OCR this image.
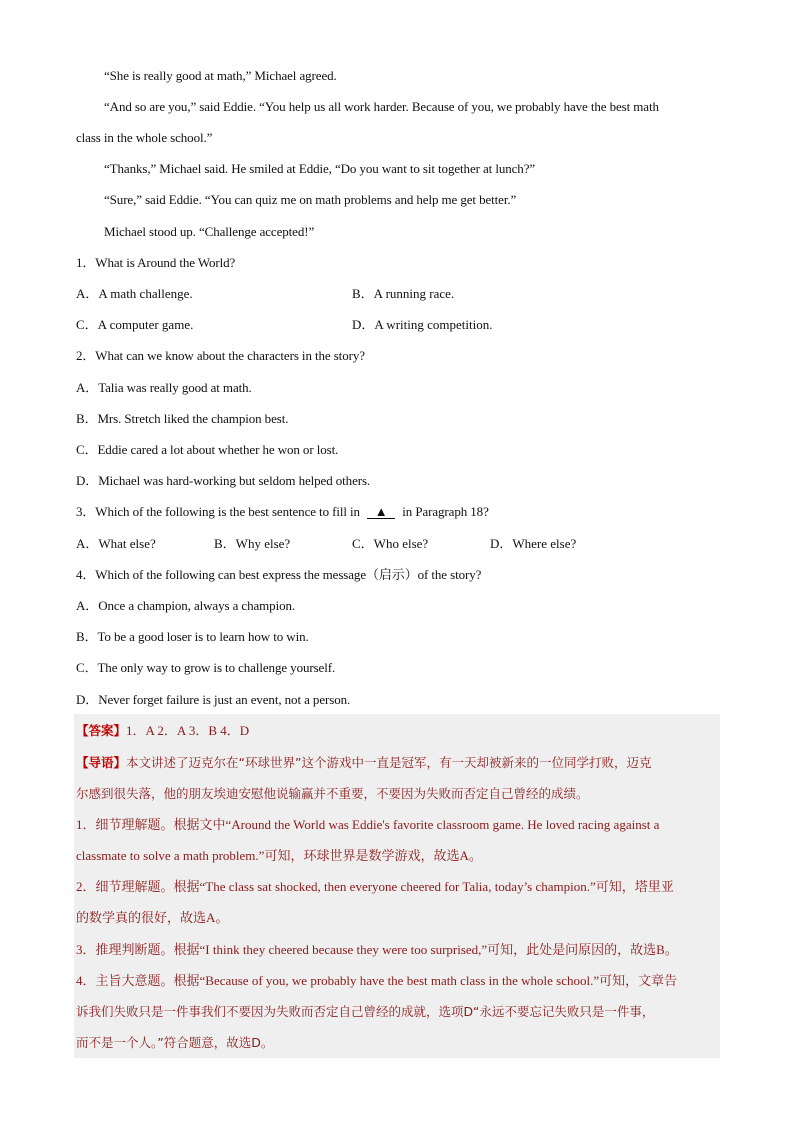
“She is really good at math,” Michael agreed.
“And so are you,” said Eddie. “You help us all work harder. Because of you, we probably have the best math
class in the whole school.”
“Thanks,” Michael said. He smiled at Eddie, “Do you want to sit together at lunch?”
“Sure,” said Eddie. “You can quiz me on math problems and help me get better.”
Michael stood up. “Challenge accepted!”
1．What is Around the World?
A．A math challenge.	B．A running race.
C．A computer game.	D．A writing competition.
2．What can we know about the characters in the story?
A．Talia was really good at math.
B．Mrs. Stretch liked the champion best.
C．Eddie cared a lot about whether he won or lost.
D．Michael was hard-working but seldom helped others.
3．Which of the following is the best sentence to fill in ▲ in Paragraph 18?
A．What else?	B．Why else?	C．Who else?	D．Where else?
4．Which of the following can best express the message（启示）of the story?
A．Once a champion, always a champion.
B．To be a good loser is to learn how to win.
C．The only way to grow is to challenge yourself.
D．Never forget failure is just an event, not a person.
【答案】1．A 2．A 3．B 4．D
【导语】本文讲述了迈克尔在“环球世界”这个游戏中一直是冠军，有一天却被新来的一位同学打败，迈克
尔感到很失落，他的朋友埃迪安慰他说输赢并不重要，不要因为失败而否定自己曾经的成绩。
1．细节理解题。根据文中“Around the World was Eddie's favorite classroom game. He loved racing against a
classmate to solve a math problem.”可知，环球世界是数学游戏，故选A。
2．细节理解题。根据“The class sat shocked, then everyone cheered for Talia, today’s champion.”可知，塔里亚
的数学真的很好，故选A。
3．推理判断题。根据“I think they cheered because they were too surprised,”可知，此处是问原因的，故选B。
4．主旨大意题。根据“Because of you, we probably have the best math class in the whole school.”可知，文章告
诉我们失败只是一件事我们不要因为失败而否定自己曾经的成就，选项D“永远不要忘记失败只是一件事，
而不是一个人。”符合题意，故选D。
